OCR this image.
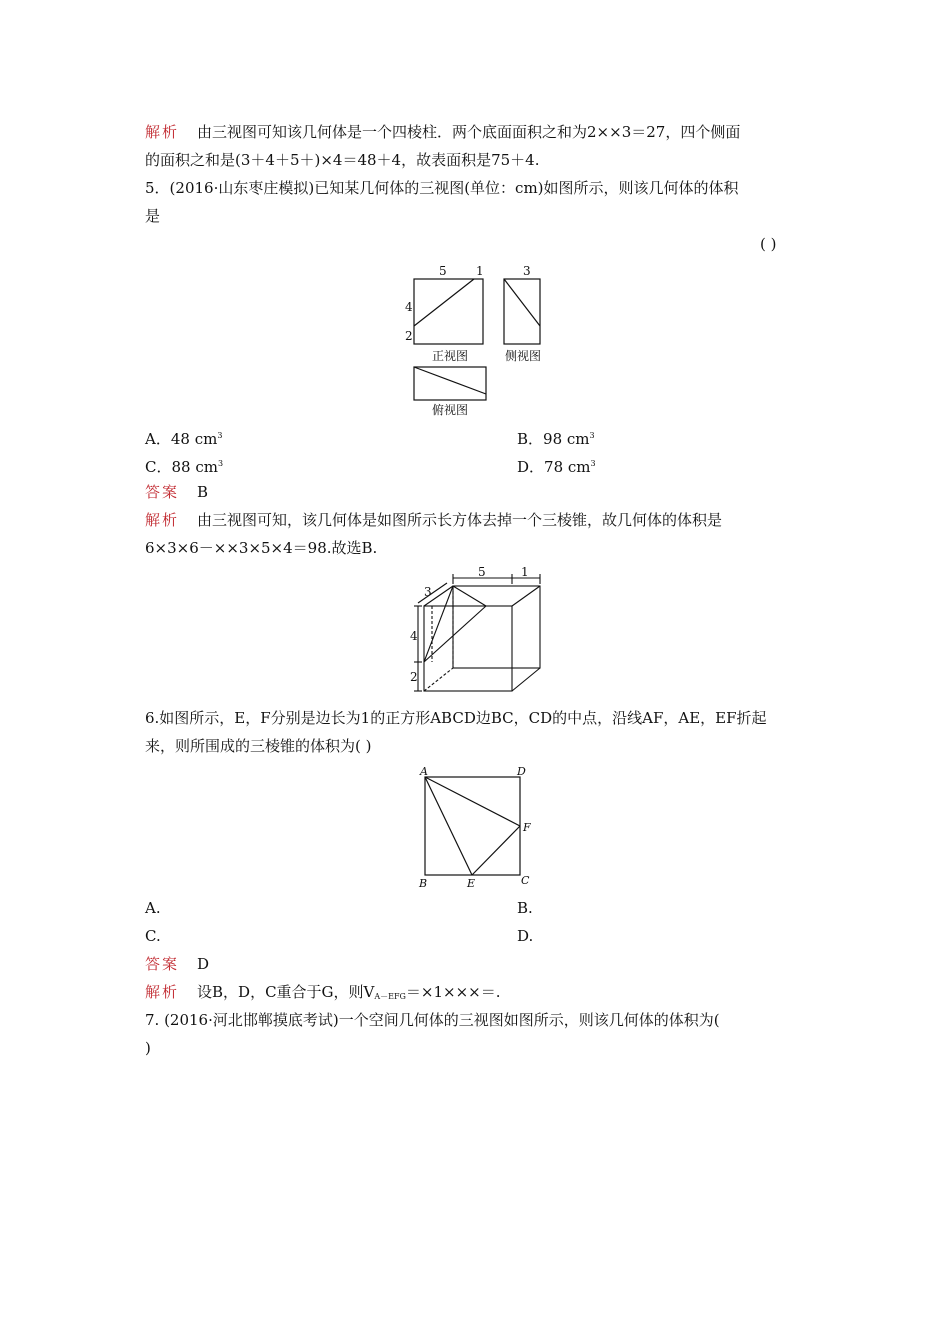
解析 由三视图可知该几何体是一个四棱柱．两个底面面积之和为2××3＝27，四个侧面
的面积之和是(3＋4＋5＋)×4＝48＋4，故表面积是75＋4.
5．(2016·山东枣庄模拟)已知某几何体的三视图(单位：cm)如图所示，则该几何体的体积
是
( )
5 1	3
4
2
正视图	侧视图
俯视图
A．48 $cm^3$	B．98 $cm^3$
C．88 $cm^3$	D．78 $cm^3$
答案 B
解析 由三视图可知，该几何体是如图所示长方体去掉一个三棱锥，故几何体的体积是
6×3×6－××3×5×4＝98.故选B.
5	1
3
4
2
6.如图所示，E，F分别是边长为1的正方形ABCD边BC，CD的中点，沿线AF，AE，EF折起
来，则所围成的三棱锥的体积为( )
A	D
F
B	E	C
A.	B.
C.	D.
答案 D
解析 设B，D，C重合于G，则$V_{A-EFG}=\times 1\times\times\times=$.
7. (2016·河北邯郸摸底考试)一个空间几何体的三视图如图所示，则该几何体的体积为(
)
